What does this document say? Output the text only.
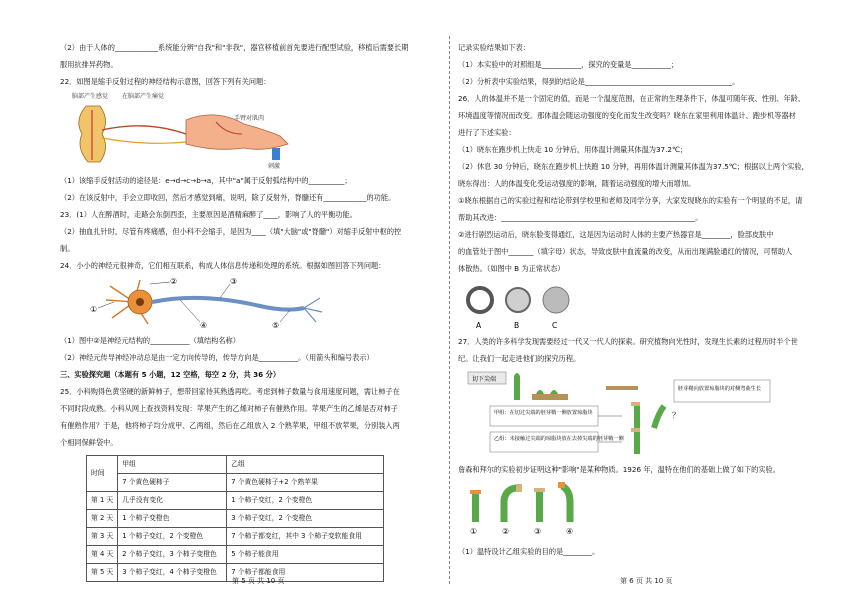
（2）由于人体的____________系统能分辨"自我"和"非我"，器官移植前首先要进行配型试验，移植后需要长期
服用抗排异药物。
22．如图是缩手反射过程的神经结构示意图，回答下列有关问题：
脑部产生感觉 在脑部产生痛觉
手臂对肌肉
刺激
（1）该缩手反射活动的途径是：e→d→c→b→a，其中"a"属于反射弧结构中的__________；
（2）在该反射中，手会立即收回，然后才感觉到痛，说明，除了反射外，脊髓还有____________的功能。
23．(1）人在醉酒时，走路会东倒西歪，主要原因是酒精麻醉了____，影响了人的平衡功能。
（2）抽血扎针时，尽管有疼痛感，但小科不会缩手，是因为____（填"大脑"或"脊髓"）对缩手反射中枢的控
制。
24．小小的神经元很神奇，它们相互联系，构成人体信息传递和处理的系统。根据如图回答下列问题：
①
②	③
④	⑤
（1）图中②是神经元结构的___________（填结构名称）
（2）神经元传导神经冲动总是由一定方向传导的，传导方向是___________。（用箭头和编号表示）
三、实验探究题（本题有 5 小题，12 空格，每空 2 分，共 36 分）
25．小科购得色黄坚硬的新鲜柿子，想带回家待其熟透再吃。考虑到柿子数量与食用速度问题，需让柿子在
不同时段成熟。小科从网上查找资料发现：苹果产生的乙烯对柿子有催熟作用。苹果产生的乙烯是否对柿子
有催熟作用？于是，他将柿子均分成甲、乙两组，然后在乙组放入 2 个熟苹果，甲组不放苹果，分别装入两
个相同保鲜袋中。
时间	甲组	乙组
	7 个黄色硬柿子	7 个黄色硬柿子+2 个熟苹果
第 1 天	几乎没有变化	1 个柿子变红，2 个变橙色
第 2 天	1 个柿子变橙色	3 个柿子变红，2 个变橙色
第 3 天	1 个柿子变红，2 个变橙色	7 个柿子都变红，其中 3 个柿子变软能食用
第 4 天	2 个柿子变红，3 个柿子变橙色	5 个柿子能食用
第 5 天	3 个柿子变红，4 个柿子变橙色	7 个柿子都能食用
第 5 页 共 10 页
记录实验结果如下表：
（1）本实验中的对照组是___________，探究的变量是___________；
（2）分析表中实验结果，得到的结论是_________________________________________。
26．人的体温并不是一个固定的值，而是一个温度范围，在正常的生理条件下，体温可随年夜、性别、年龄、
环境温度等情况而改变。那体温会随运动强度的变化而发生改变吗？晓东在家里利用体温计、跑步机等器材
进行了下述实验：
（1）晓东在跑步机上快走 10 分钟后，用体温计测量其体温为37.2℃；
（2）休息 30 分钟后，晓东在跑步机上快跑 10 分钟，再用体温计测量其体温为37.5℃；根据以上两个实验，
晓东得出：人的体温变化受运动强度的影响，随着运动强度的增大而增加。
①晓东根据自己的实验过程和结论带到学校里和老师及同学分享，大家发现晓东的实验有一个明显的不足，请
帮助其改进：______________________________________________________。
②进行剧烈运动后，晓东脸变得通红，这是因为运动时人体的主要产热器官是________，脸部皮肤中
的血管处于图中_______（填字母）状态，导致皮肤中血流量的改变，从而出现满脸通红的情况，可帮助人
体散热。（如图中 B 为正常状态）
A	B	C
27．人类的许多科学发现需要经过一代又一代人的探索。研究植物向光性时，发现生长素的过程历时半个世
纪。让我们一起走进他们的探究历程。
切下尖端
甲组：在切过尖端的胚芽鞘一侧放置琼脂块
乙组：未接触过尖端的琼脂块放在去掉尖端的胚芽鞘一侧
？
胚芽鞘向放置琼脂块的对侧弯曲生长
詹森和拜尔的实验初步证明这种"影响"是某种物质。1926 年，温特在他们的基础上做了如下的实验。
①	②	③	④
（1）温特设计乙组实验的目的是________。
第 6 页 共 10 页
